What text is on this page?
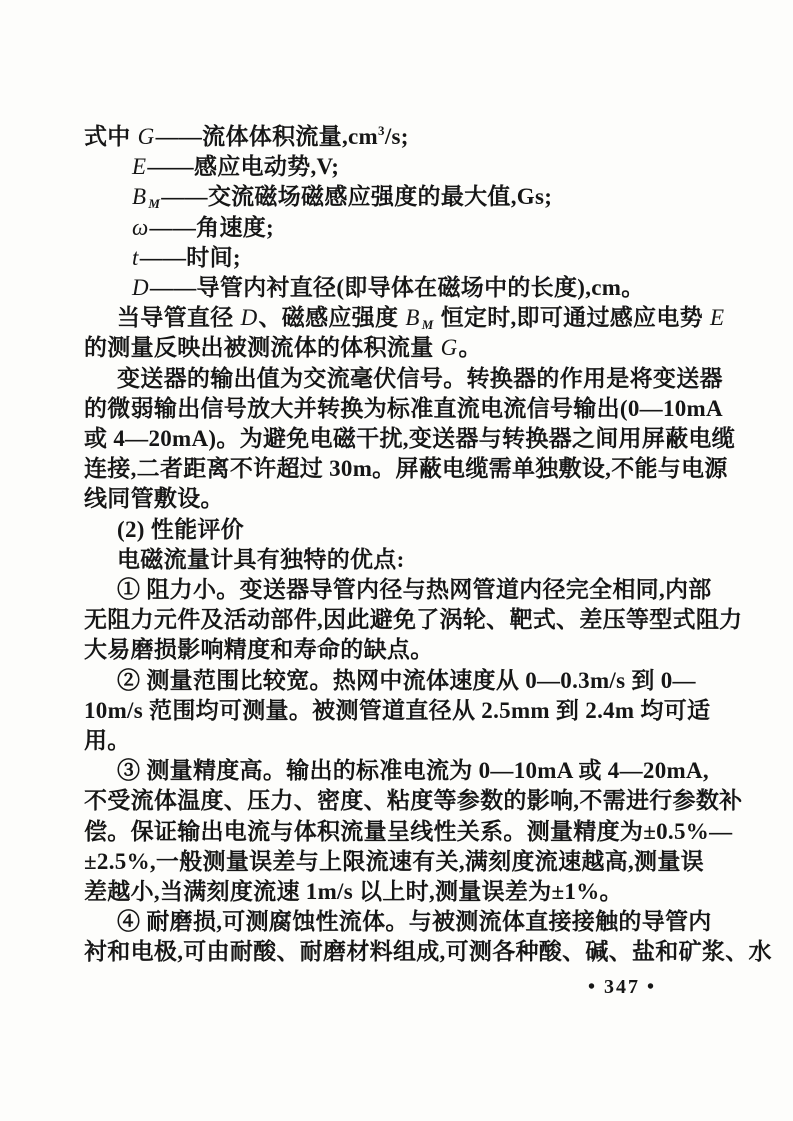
式中 G——流体体积流量$,cm^3/s$;
E——感应电动势,V;
B $_M$——交流磁场磁感应强度的最大值,Gs;
ω——角速度;
t——时间;
D——导管内衬直径(即导体在磁场中的长度),cm。
当导管直径 D、磁感应强度 B $_M$ 恒定时,即可通过感应电势 E
的测量反映出被测流体的体积流量 G。
变送器的输出值为交流毫伏信号。转换器的作用是将变送器
的微弱输出信号放大并转换为标准直流电流信号输出(0—10mA
或 4—20mA)。为避免电磁干扰,变送器与转换器之间用屏蔽电缆
连接,二者距离不许超过 30m。屏蔽电缆需单独敷设,不能与电源
线同管敷设。
(2) 性能评价
电磁流量计具有独特的优点:
① 阻力小。变送器导管内径与热网管道内径完全相同,内部
无阻力元件及活动部件,因此避免了涡轮、靶式、差压等型式阻力
大易磨损影响精度和寿命的缺点。
② 测量范围比较宽。热网中流体速度从 0—0.3m/s 到 0—
10m/s 范围均可测量。被测管道直径从 2.5mm 到 2.4m 均可适
用。
③ 测量精度高。输出的标准电流为 0—10mA 或 4—20mA,
不受流体温度、压力、密度、粘度等参数的影响,不需进行参数补
偿。保证输出电流与体积流量呈线性关系。测量精度为±0.5%—
±2.5%,一般测量误差与上限流速有关,满刻度流速越高,测量误
差越小,当满刻度流速 1m/s 以上时,测量误差为±1%。
④ 耐磨损,可测腐蚀性流体。与被测流体直接接触的导管内
衬和电极,可由耐酸、耐磨材料组成,可测各种酸、碱、盐和矿浆、水
• 347 •
